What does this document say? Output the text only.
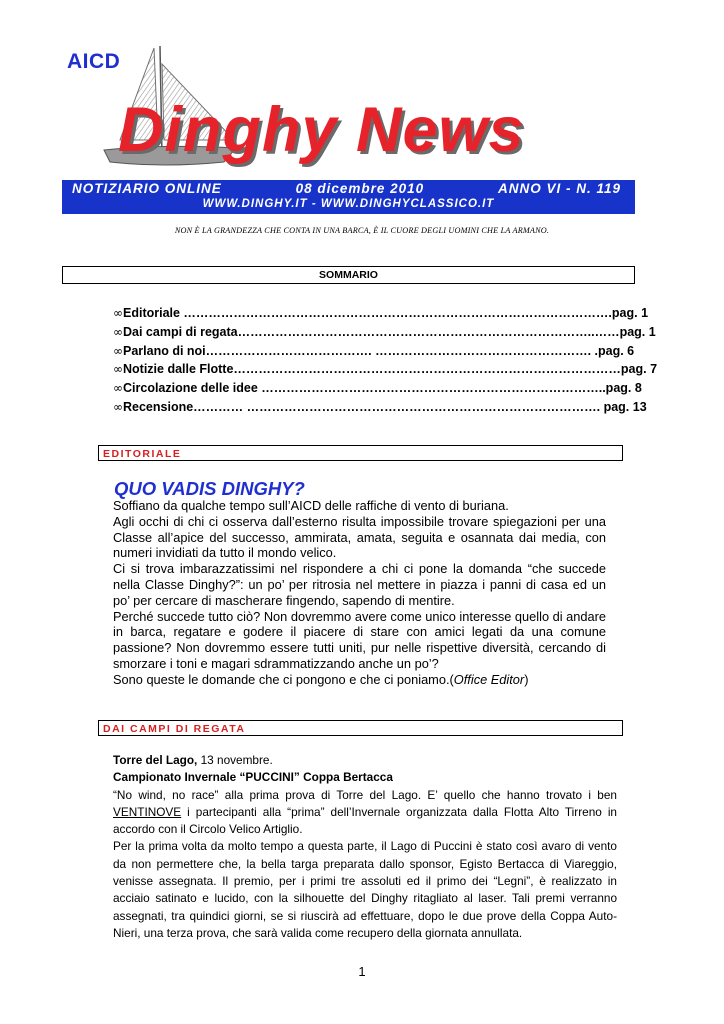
AICD
Dinghy News
NOTIZIARIO ONLINE	08 dicembre 2010	ANNO VI - N. 119
WWW.DINGHY.IT - WWW.DINGHYCLASSICO.IT
NON È LA GRANDEZZA CHE CONTA IN UNA BARCA, È IL CUORE DEGLI UOMINI CHE LA ARMANO.
SOMMARIO
∞ Editoriale ………………………………………………………………………………………….pag. 1
∞ Dai campi di regata…………………………………………………………………………..……pag. 1
∞ Parlano di noi…………………………………. ……………………………………………. .pag. 6
∞ Notizie dalle Flotte…………………………………………………………………………………pag. 7
∞ Circolazione delle idee ………………………………………………………………………..pag. 8
∞ Recensione………… …………………………………………………………………………. pag. 13
EDITORIALE
QUO VADIS DINGHY?

Soffiano da qualche tempo sull’AICD delle raffiche di vento di buriana.

Agli occhi di chi ci osserva dall’esterno risulta impossibile trovare spiegazioni per una Classe all’apice del successo, ammirata, amata, seguita e osannata dai media, con numeri invidiati da tutto il mondo velico.

Ci si trova imbarazzatissimi nel rispondere a chi ci pone la domanda “che succede nella Classe Dinghy?”: un po’ per ritrosia nel mettere in piazza i panni di casa ed un po’ per cercare di mascherare fingendo, sapendo di mentire.

Perché succede tutto ciò? Non dovremmo avere come unico interesse quello di andare in barca, regatare e godere il piacere di stare con amici legati da una comune passione? Non dovremmo essere tutti uniti, pur nelle rispettive diversità, cercando di smorzare i toni e magari sdrammatizzando anche un po’?

Sono queste le domande che ci pongono e che ci poniamo.(Office Editor)

DAI CAMPI DI REGATA

Torre del Lago, 13 novembre.

Campionato Invernale “PUCCINI” Coppa Bertacca

“No wind, no race” alla prima prova di Torre del Lago. E’ quello che hanno trovato i ben VENTINOVE i partecipanti alla “prima” dell’Invernale organizzata dalla Flotta Alto Tirreno in accordo con il Circolo Velico Artiglio.

Per la prima volta da molto tempo a questa parte, il Lago di Puccini è stato così avaro di vento da non permettere che, la bella targa preparata dallo sponsor, Egisto Bertacca di Viareggio, venisse assegnata. Il premio, per i primi tre assoluti ed il primo dei “Legni”, è realizzato in acciaio satinato e lucido, con la silhouette del Dinghy ritagliato al laser. Tali premi verranno assegnati, tra quindici giorni, se si riuscirà ad effettuare, dopo le due prove della Coppa Auto-Nieri, una terza prova, che sarà valida come recupero della giornata annullata.

1
